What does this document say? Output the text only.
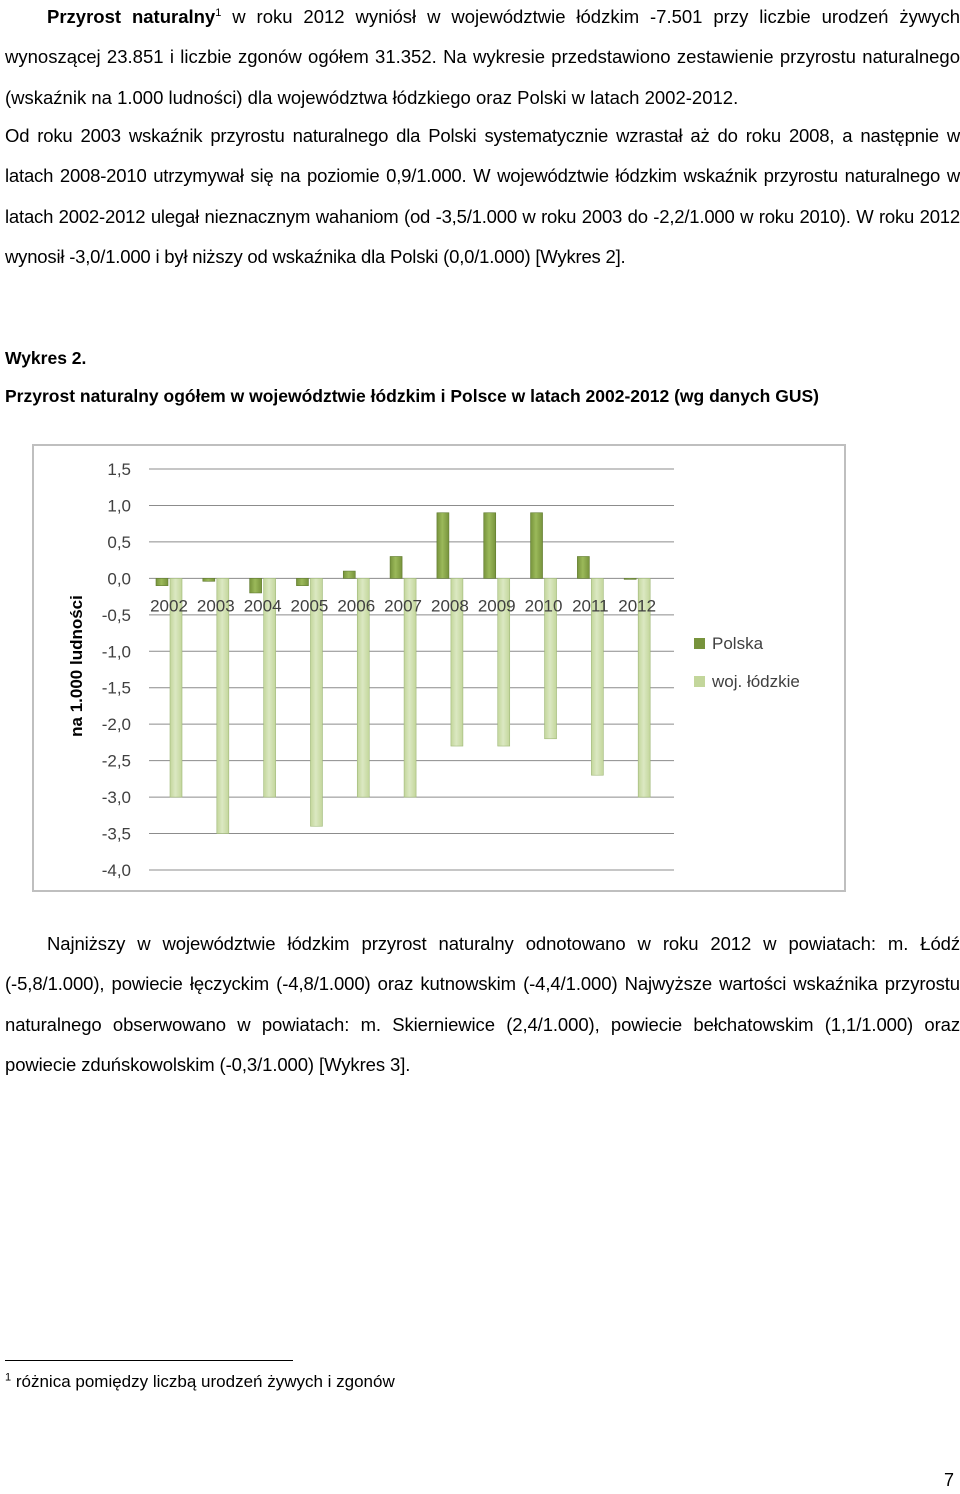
Przyrost naturalny$^1$ w roku 2012 wyniósł w województwie łódzkim -7.501 przy liczbie urodzeń żywych wynoszącej 23.851 i liczbie zgonów ogółem 31.352. Na wykresie przedstawiono zestawienie przyrostu naturalnego (wskaźnik na 1.000 ludności) dla województwa łódzkiego oraz Polski w latach 2002-2012.

Od roku 2003 wskaźnik przyrostu naturalnego dla Polski systematycznie wzrastał aż do roku 2008, a następnie w latach 2008-2010 utrzymywał się na poziomie 0,9/1.000. W województwie łódzkim wskaźnik przyrostu naturalnego w latach 2002-2012 ulegał nieznacznym wahaniom (od -3,5/1.000 w roku 2003 do -2,2/1.000 w roku 2010). W roku 2012 wynosił -3,0/1.000 i był niższy od wskaźnika dla Polski (0,0/1.000) [Wykres 2].

Wykres 2.
Przyrost naturalny ogółem w województwie łódzkim i Polsce w latach 2002-2012 (wg danych GUS)
1,5
1,0
0,5
0,0
-0,5
-1,0
-1,5
-2,0
-2,5
-3,0
-3,5
-4,0
na 1.000 ludności	2002 2003 2004 2005 2006 2007 2008 2009 2010 2011 2012
Polska
woj. łódzkie

Najniższy w województwie łódzkim przyrost naturalny odnotowano w roku 2012 w powiatach: m. Łódź (-5,8/1.000), powiecie łęczyckim (-4,8/1.000) oraz kutnowskim (-4,4/1.000) Najwyższe wartości wskaźnika przyrostu naturalnego obserwowano w powiatach: m. Skierniewice (2,4/1.000), powiecie bełchatowskim (1,1/1.000) oraz powiecie zduńskowolskim (-0,3/1.000) [Wykres 3].

$^1$ różnica pomiędzy liczbą urodzeń żywych i zgonów
7
